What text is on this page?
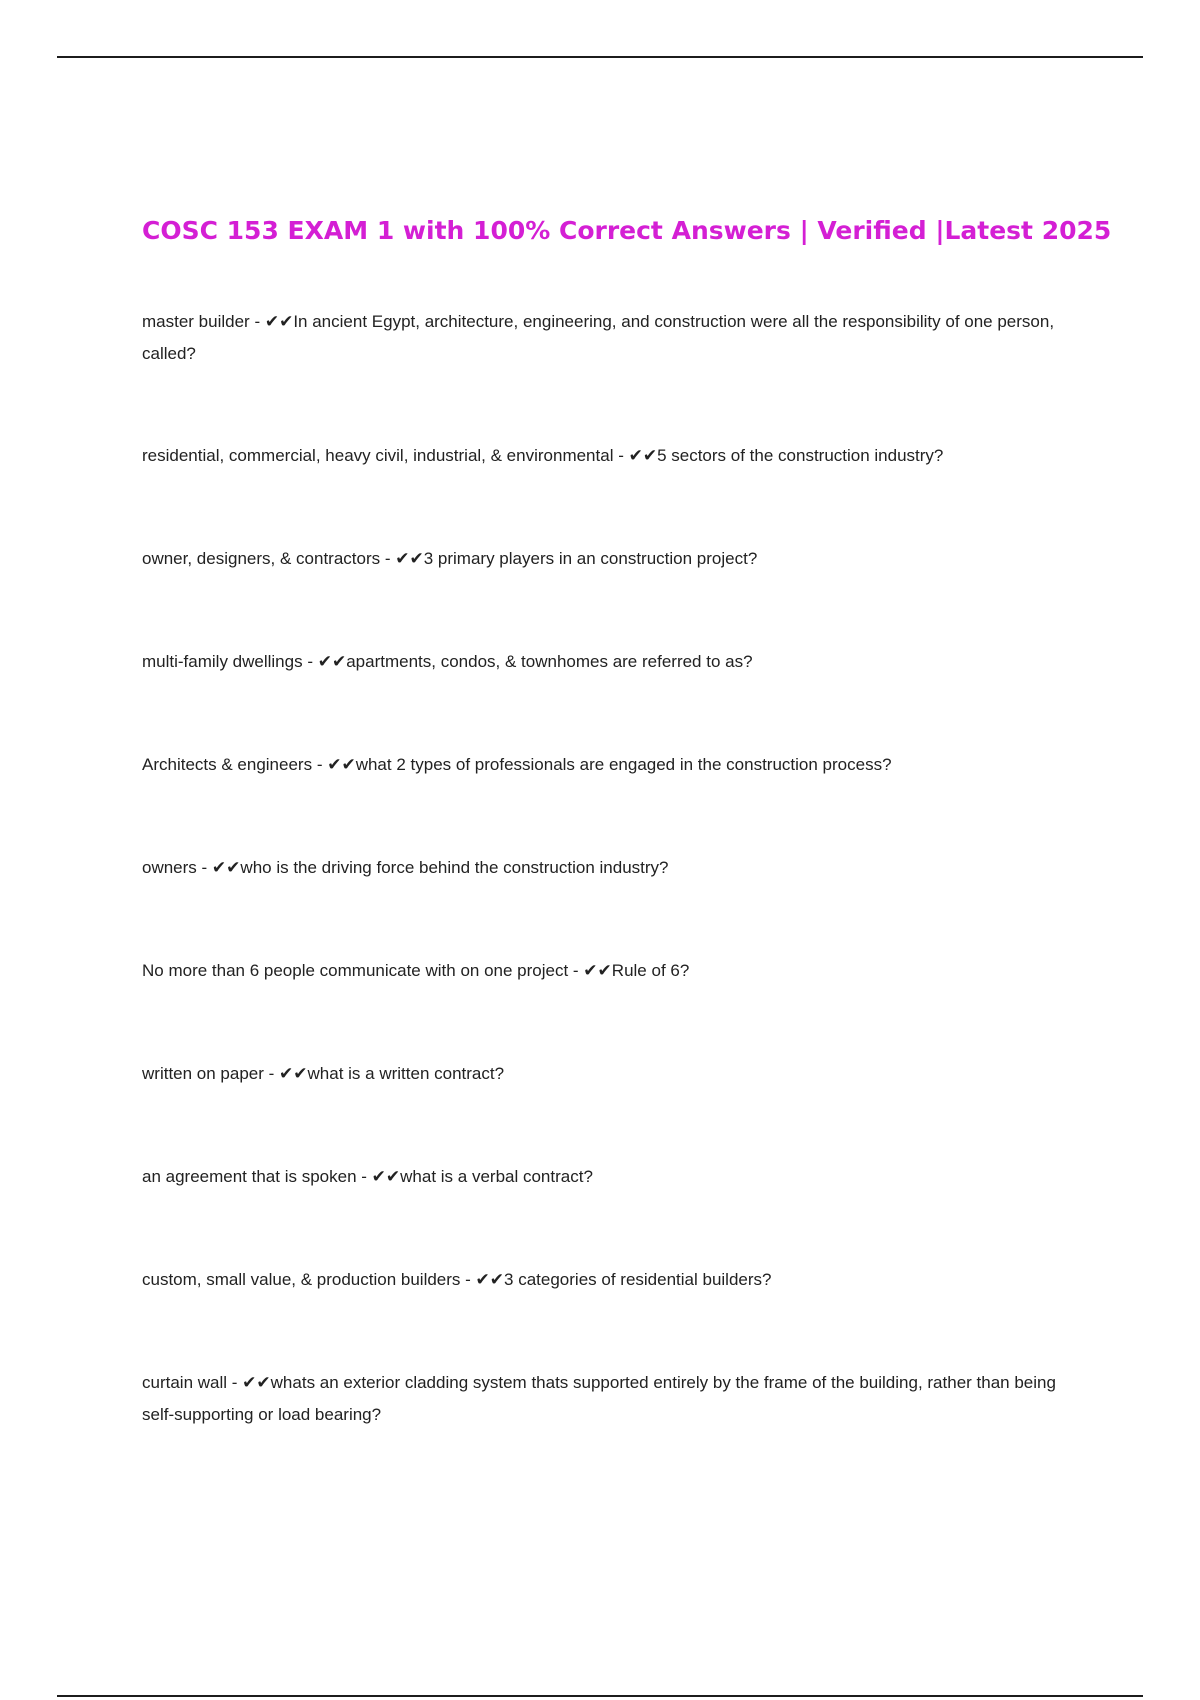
COSC 153 EXAM 1 with 100% Correct Answers | Verified |Latest 2025
master builder - ✔✔In ancient Egypt, architecture, engineering, and construction were all the responsibility of one person, called?
residential, commercial, heavy civil, industrial, & environmental - ✔✔5 sectors of the construction industry?
owner, designers, & contractors - ✔✔3 primary players in an construction project?
multi-family dwellings - ✔✔apartments, condos, & townhomes are referred to as?
Architects & engineers - ✔✔what 2 types of professionals are engaged in the construction process?
owners - ✔✔who is the driving force behind the construction industry?
No more than 6 people communicate with on one project - ✔✔Rule of 6?
written on paper - ✔✔what is a written contract?
an agreement that is spoken - ✔✔what is a verbal contract?
custom, small value, & production builders - ✔✔3 categories of residential builders?
curtain wall - ✔✔whats an exterior cladding system thats supported entirely by the frame of the building, rather than being self-supporting or load bearing?
